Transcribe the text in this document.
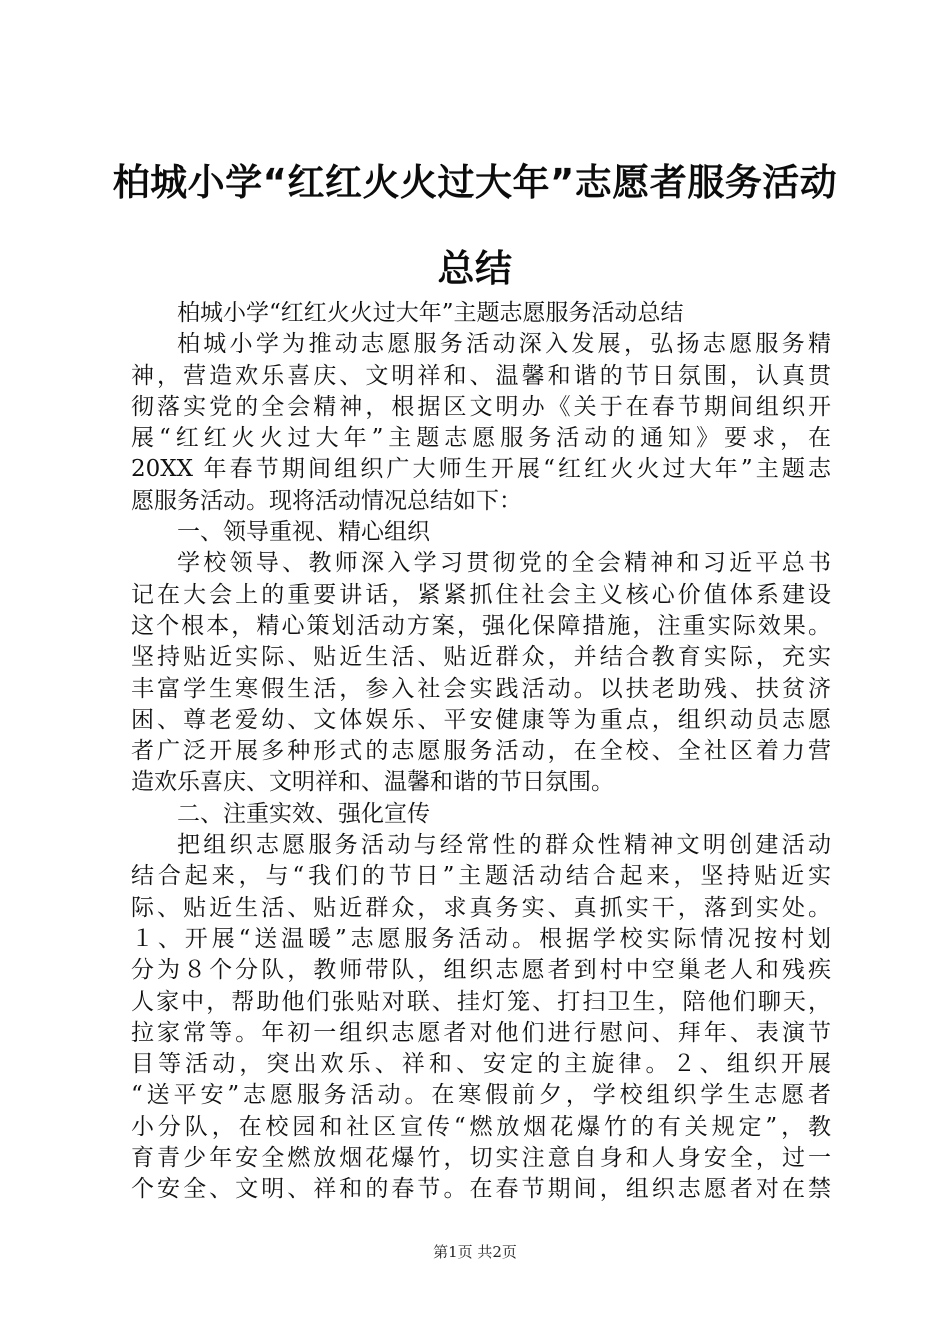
柏城小学“红红火火过大年”志愿者服务活动
总结
柏城小学“红红火火过大年”主题志愿服务活动总结
柏城小学为推动志愿服务活动深入发展，弘扬志愿服务精
神，营造欢乐喜庆、文明祥和、温馨和谐的节日氛围，认真贯
彻落实党的全会精神，根据区文明办《关于在春节期间组织开
展“红红火火过大年”主题志愿服务活动的通知》要求，在
20XX 年春节期间组织广大师生开展“红红火火过大年”主题志
愿服务活动。现将活动情况总结如下：
一、领导重视、精心组织
学校领导、教师深入学习贯彻党的全会精神和习近平总书
记在大会上的重要讲话，紧紧抓住社会主义核心价值体系建设
这个根本，精心策划活动方案，强化保障措施，注重实际效果。
坚持贴近实际、贴近生活、贴近群众，并结合教育实际，充实
丰富学生寒假生活，参入社会实践活动。以扶老助残、扶贫济
困、尊老爱幼、文体娱乐、平安健康等为重点，组织动员志愿
者广泛开展多种形式的志愿服务活动，在全校、全社区着力营
造欢乐喜庆、文明祥和、温馨和谐的节日氛围。
二、注重实效、强化宣传
把组织志愿服务活动与经常性的群众性精神文明创建活动
结合起来，与“我们的节日”主题活动结合起来，坚持贴近实
际、贴近生活、贴近群众，求真务实、真抓实干，落到实处。
１、开展“送温暖”志愿服务活动。根据学校实际情况按村划
分为８个分队，教师带队，组织志愿者到村中空巢老人和残疾
人家中，帮助他们张贴对联、挂灯笼、打扫卫生，陪他们聊天，
拉家常等。年初一组织志愿者对他们进行慰问、拜年、表演节
目等活动，突出欢乐、祥和、安定的主旋律。２、组织开展
“送平安”志愿服务活动。在寒假前夕，学校组织学生志愿者
小分队，在校园和社区宣传“燃放烟花爆竹的有关规定”，教
育青少年安全燃放烟花爆竹，切实注意自身和人身安全，过一
个安全、文明、祥和的春节。在春节期间，组织志愿者对在禁
第1页 共2页
